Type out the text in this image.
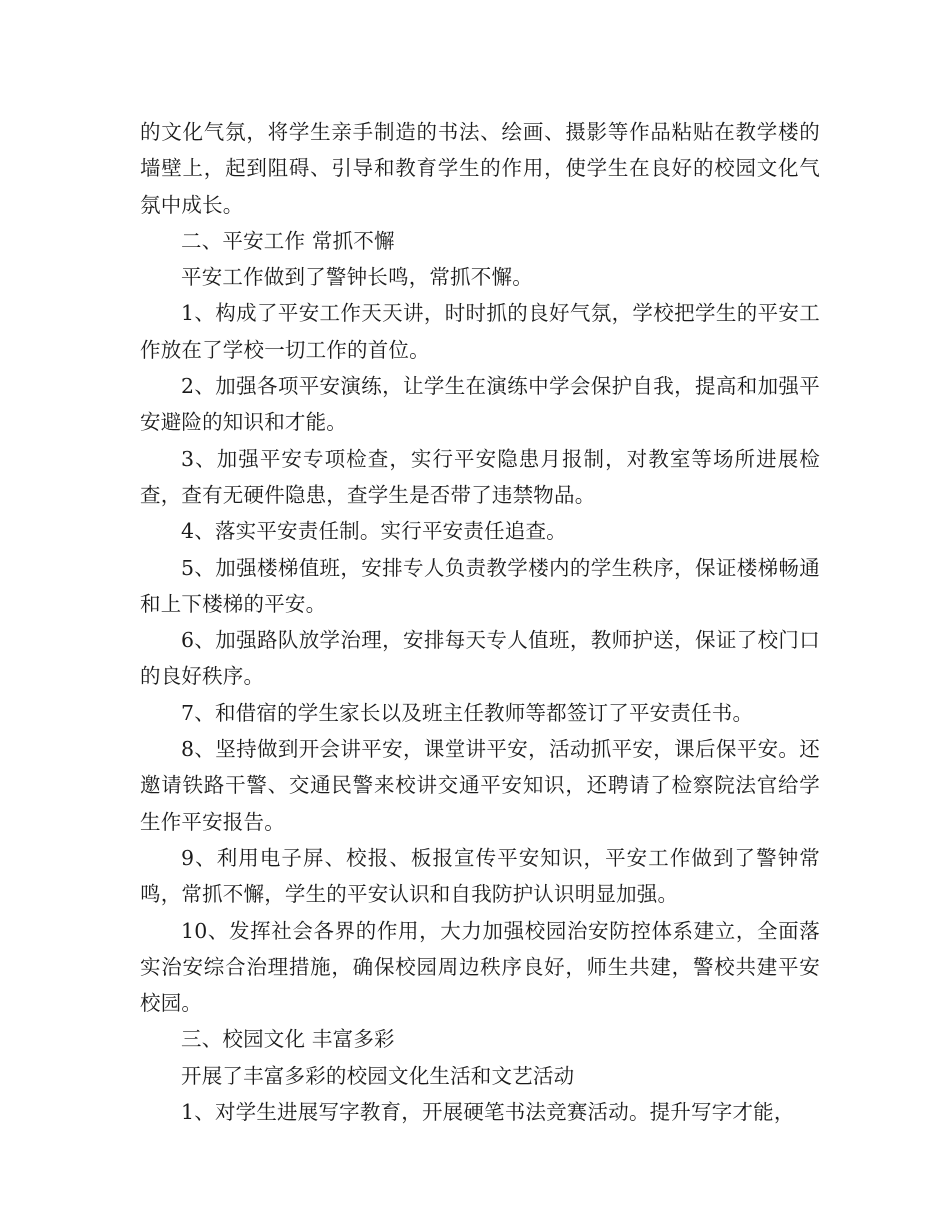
的文化气氛，将学生亲手制造的书法、绘画、摄影等作品粘贴在教学楼的墙壁上，起到阻碍、引导和教育学生的作用，使学生在良好的校园文化气氛中成长。

二、平安工作 常抓不懈

平安工作做到了警钟长鸣，常抓不懈。

1、构成了平安工作天天讲，时时抓的良好气氛，学校把学生的平安工作放在了学校一切工作的首位。

2、加强各项平安演练，让学生在演练中学会保护自我，提高和加强平安避险的知识和才能。

3、加强平安专项检查，实行平安隐患月报制，对教室等场所进展检查，查有无硬件隐患，查学生是否带了违禁物品。

4、落实平安责任制。实行平安责任追查。

5、加强楼梯值班，安排专人负责教学楼内的学生秩序，保证楼梯畅通和上下楼梯的平安。

6、加强路队放学治理，安排每天专人值班，教师护送，保证了校门口的良好秩序。

7、和借宿的学生家长以及班主任教师等都签订了平安责任书。

8、坚持做到开会讲平安，课堂讲平安，活动抓平安，课后保平安。还邀请铁路干警、交通民警来校讲交通平安知识，还聘请了检察院法官给学生作平安报告。

9、利用电子屏、校报、板报宣传平安知识，平安工作做到了警钟常鸣，常抓不懈，学生的平安认识和自我防护认识明显加强。

10、发挥社会各界的作用，大力加强校园治安防控体系建立，全面落实治安综合治理措施，确保校园周边秩序良好，师生共建，警校共建平安校园。

三、校园文化 丰富多彩

开展了丰富多彩的校园文化生活和文艺活动

1、对学生进展写字教育，开展硬笔书法竞赛活动。提升写字才能，
